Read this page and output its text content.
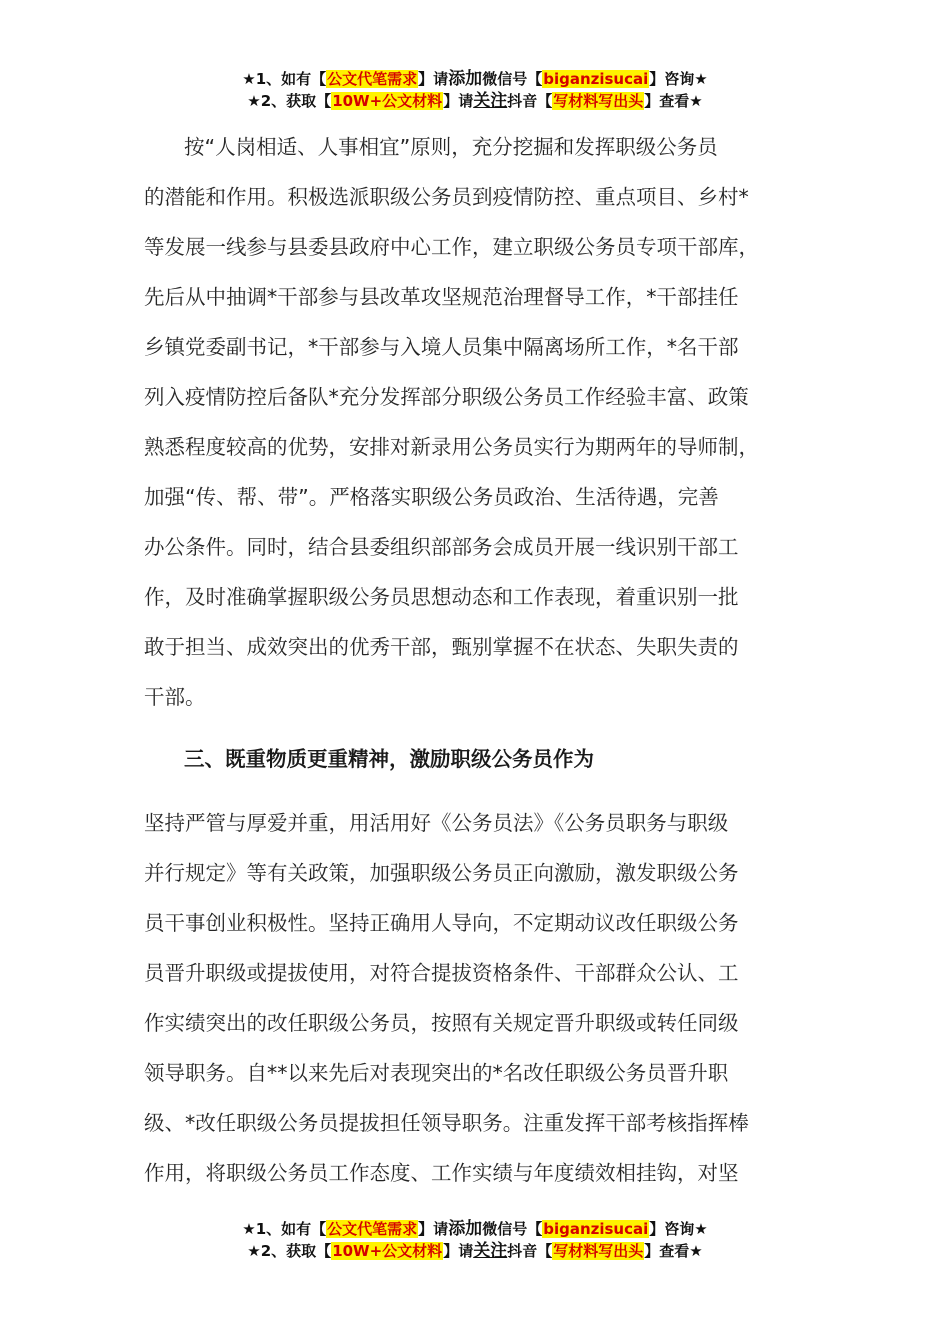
★1、如有【公文代笔需求】请添加微信号【biganzisucai】咨询★
★2、获取【10W+公文材料】请关注抖音【写材料写出头】查看★

按“人岗相适、人事相宜”原则，充分挖掘和发挥职级公务员
的潜能和作用。积极选派职级公务员到疫情防控、重点项目、乡村*
等发展一线参与县委县政府中心工作，建立职级公务员专项干部库，
先后从中抽调*干部参与县改革攻坚规范治理督导工作，*干部挂任
乡镇党委副书记，*干部参与入境人员集中隔离场所工作，*名干部
列入疫情防控后备队*充分发挥部分职级公务员工作经验丰富、政策
熟悉程度较高的优势，安排对新录用公务员实行为期两年的导师制，
加强“传、帮、带”。严格落实职级公务员政治、生活待遇，完善
办公条件。同时，结合县委组织部部务会成员开展一线识别干部工
作，及时准确掌握职级公务员思想动态和工作表现，着重识别一批
敢于担当、成效突出的优秀干部，甄别掌握不在状态、失职失责的
干部。

三、既重物质更重精神，激励职级公务员作为

坚持严管与厚爱并重，用活用好《公务员法》《公务员职务与职级
并行规定》等有关政策，加强职级公务员正向激励，激发职级公务
员干事创业积极性。坚持正确用人导向，不定期动议改任职级公务
员晋升职级或提拔使用，对符合提拔资格条件、干部群众公认、工
作实绩突出的改任职级公务员，按照有关规定晋升职级或转任同级
领导职务。自**以来先后对表现突出的*名改任职级公务员晋升职
级、*改任职级公务员提拔担任领导职务。注重发挥干部考核指挥棒
作用，将职级公务员工作态度、工作实绩与年度绩效相挂钩，对坚

★1、如有【公文代笔需求】请添加微信号【biganzisucai】咨询★
★2、获取【10W+公文材料】请关注抖音【写材料写出头】查看★
